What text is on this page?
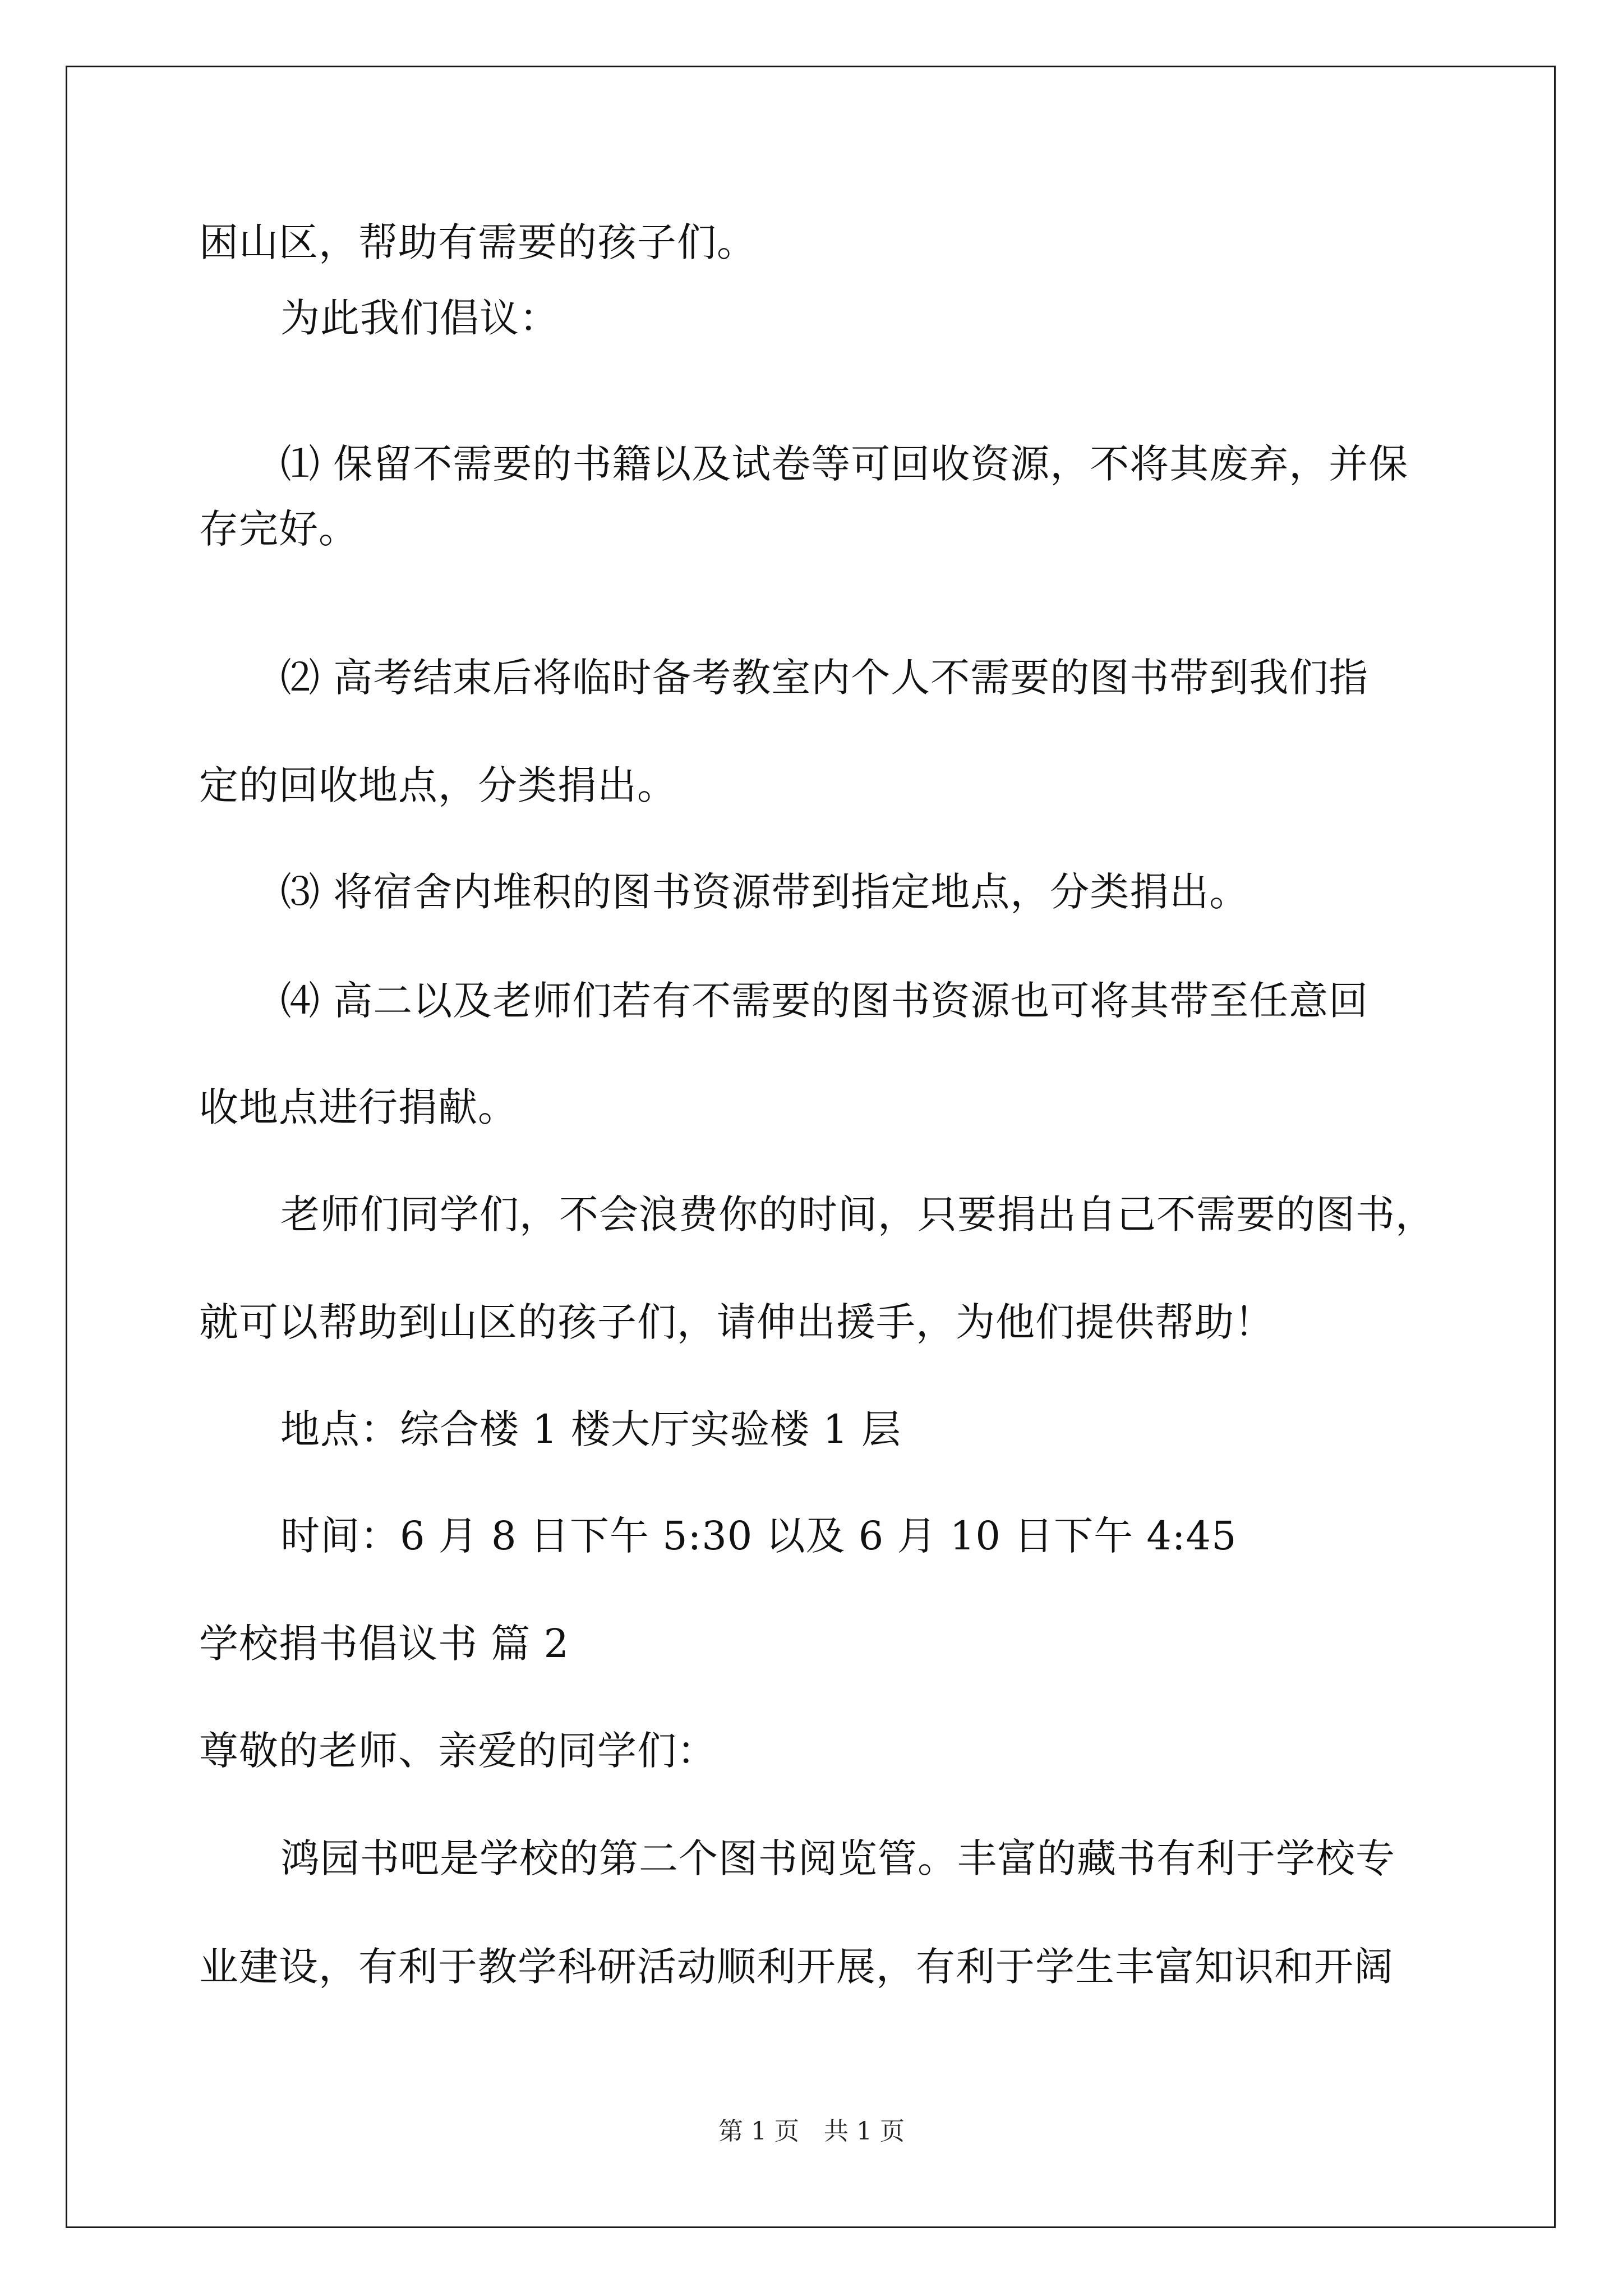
困山区，帮助有需要的孩子们。
为此我们倡议：
⑴ 保留不需要的书籍以及试卷等可回收资源，不将其废弃，并保
存完好。
⑵ 高考结束后将临时备考教室内个人不需要的图书带到我们指
定的回收地点，分类捐出。
⑶ 将宿舍内堆积的图书资源带到指定地点，分类捐出。
⑷ 高二以及老师们若有不需要的图书资源也可将其带至任意回
收地点进行捐献。
老师们同学们，不会浪费你的时间，只要捐出自己不需要的图书，
就可以帮助到山区的孩子们，请伸出援手，为他们提供帮助！
地点：综合楼 1 楼大厅实验楼 1 层
时间：6 月 8 日下午 5:30 以及 6 月 10 日下午 4:45
学校捐书倡议书 篇 2
尊敬的老师、亲爱的同学们：
鸿园书吧是学校的第二个图书阅览管。丰富的藏书有利于学校专
业建设，有利于教学科研活动顺利开展，有利于学生丰富知识和开阔
第 1 页　共 1 页
